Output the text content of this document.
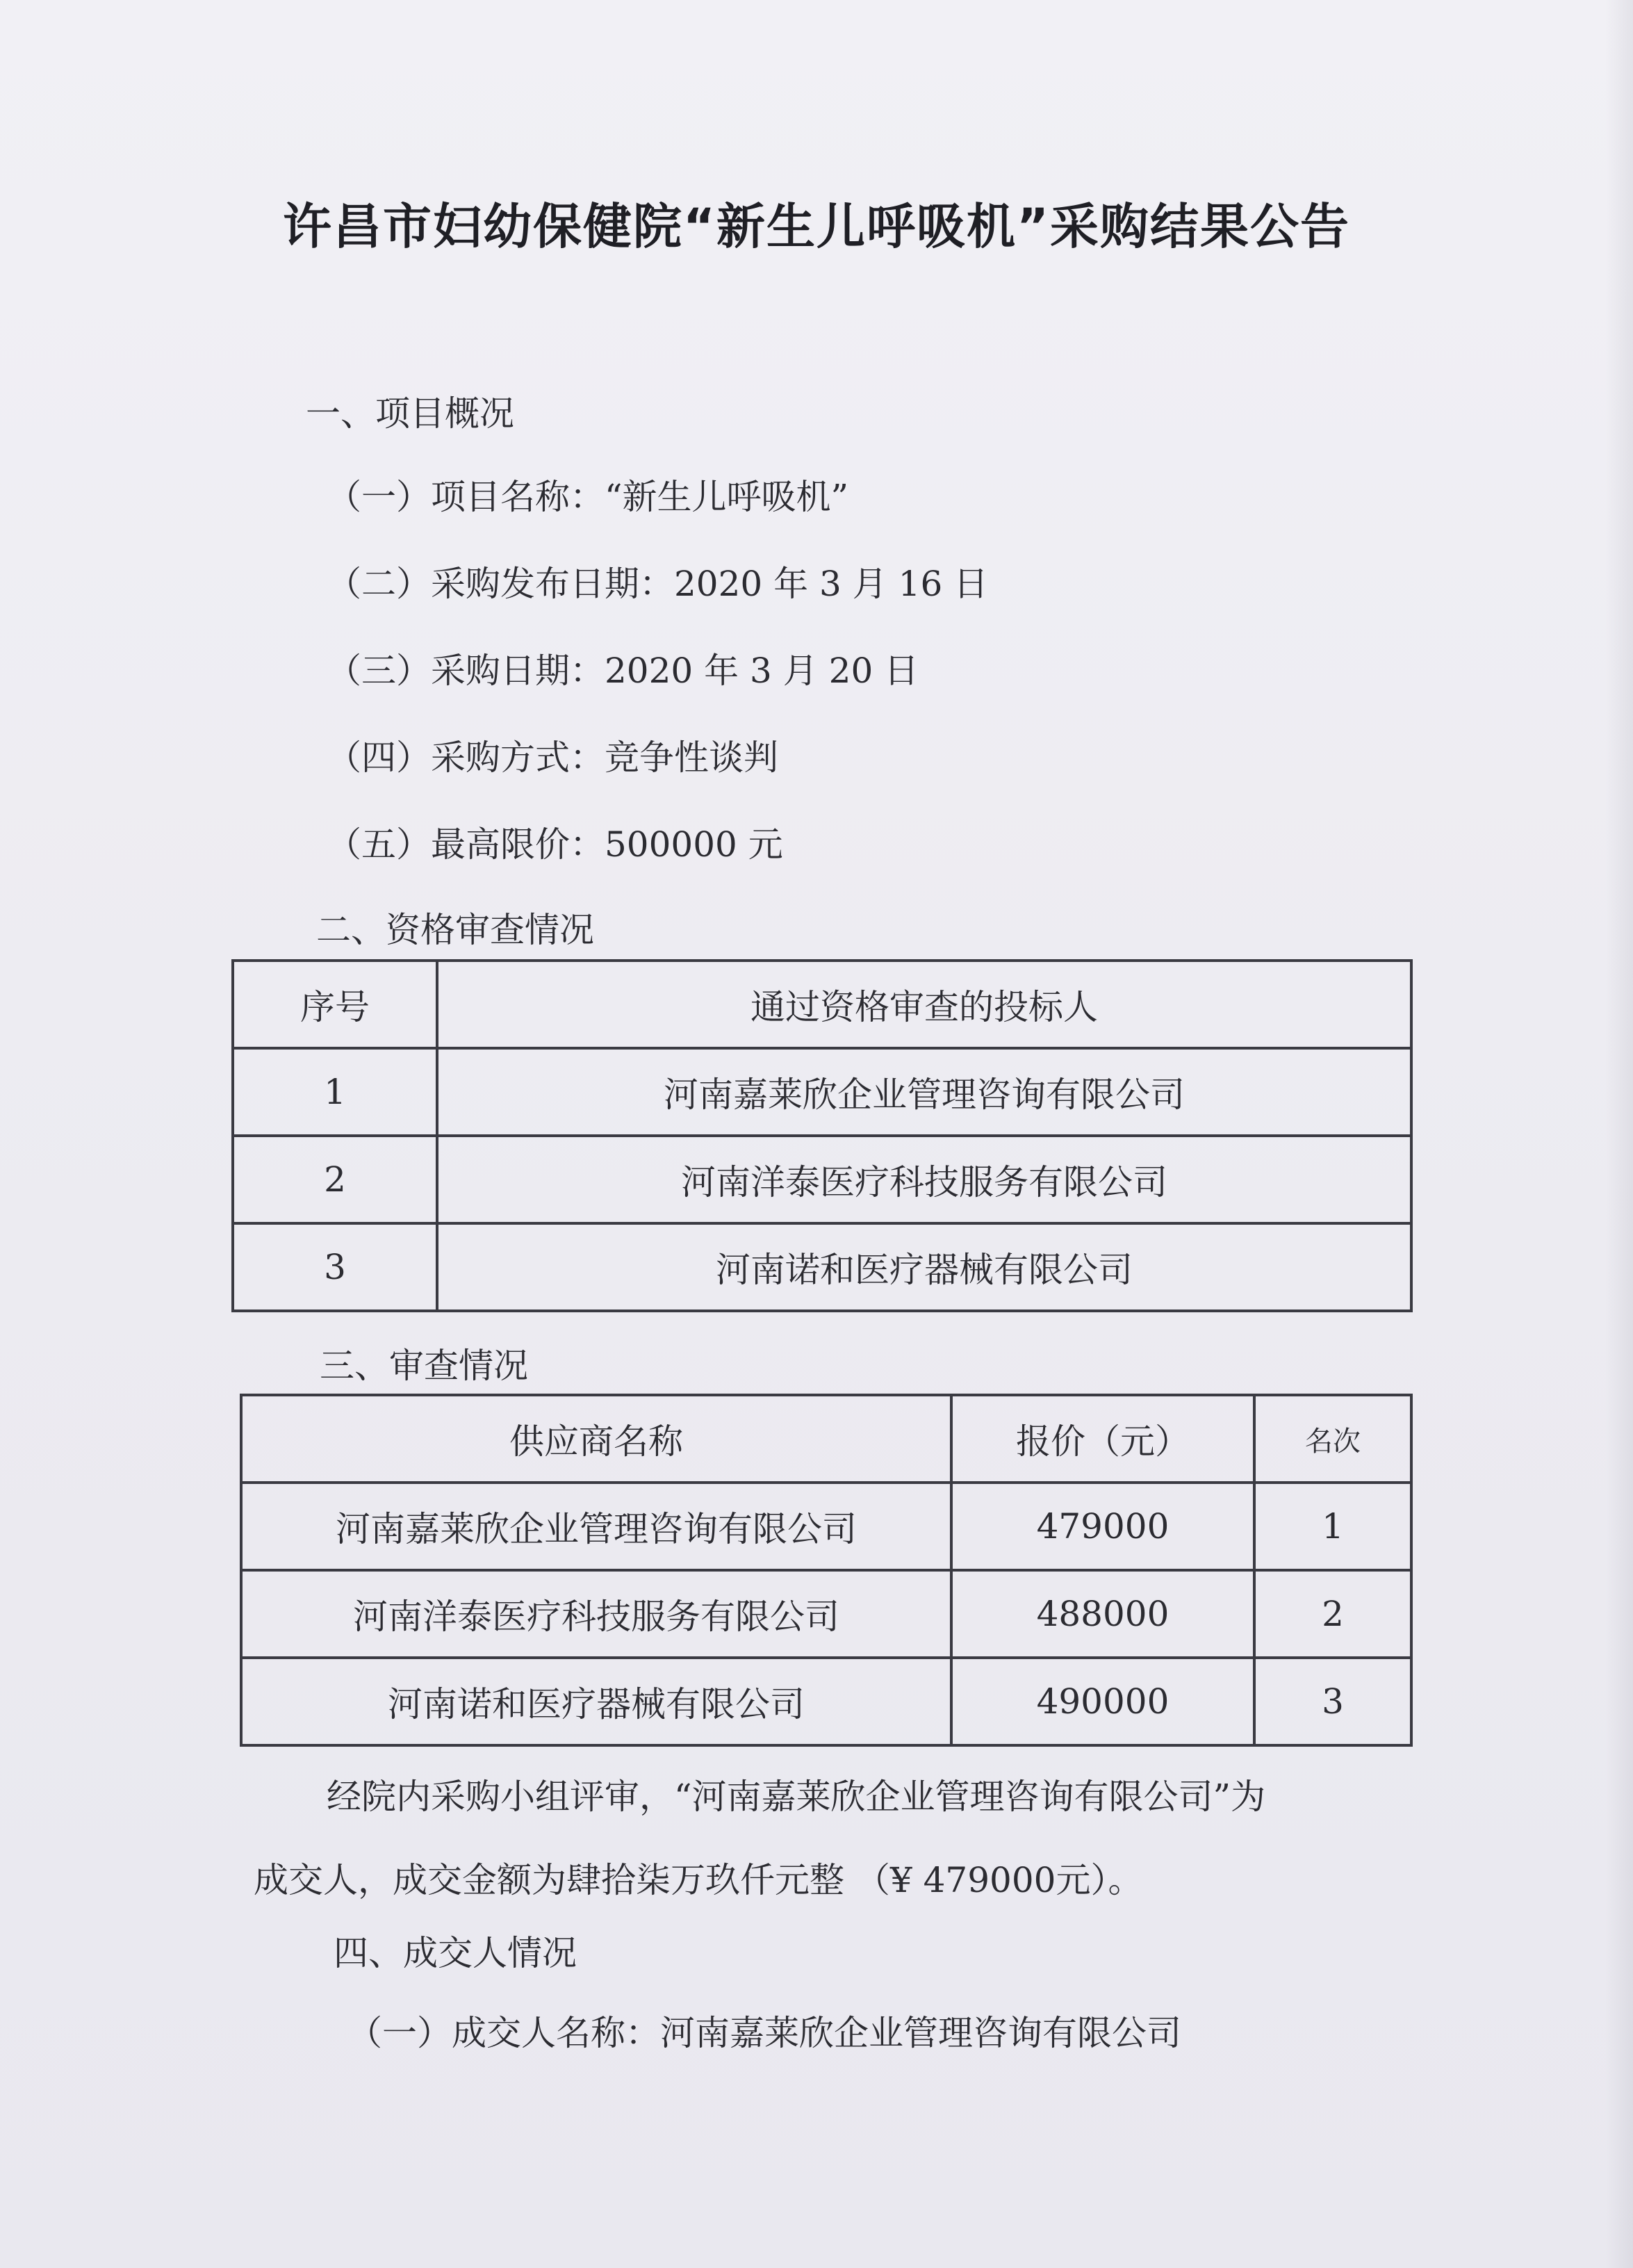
许昌市妇幼保健院“新生儿呼吸机”采购结果公告

一、项目概况

（一）项目名称：“新生儿呼吸机”

（二）采购发布日期：2020 年 3 月 16 日

（三）采购日期：2020 年 3 月 20 日

（四）采购方式：竞争性谈判

（五）最高限价：500000 元

二、资格审查情况

序号	通过资格审查的投标人
1	河南嘉莱欣企业管理咨询有限公司
2	河南洋泰医疗科技服务有限公司
3	河南诺和医疗器械有限公司

三、审查情况

供应商名称	报价（元）	名次
河南嘉莱欣企业管理咨询有限公司	479000	1
河南洋泰医疗科技服务有限公司	488000	2
河南诺和医疗器械有限公司	490000	3

经院内采购小组评审，“河南嘉莱欣企业管理咨询有限公司”为

成交人，成交金额为肆拾柒万玖仟元整 （¥ 479000元）。

四、成交人情况

（一）成交人名称：河南嘉莱欣企业管理咨询有限公司
